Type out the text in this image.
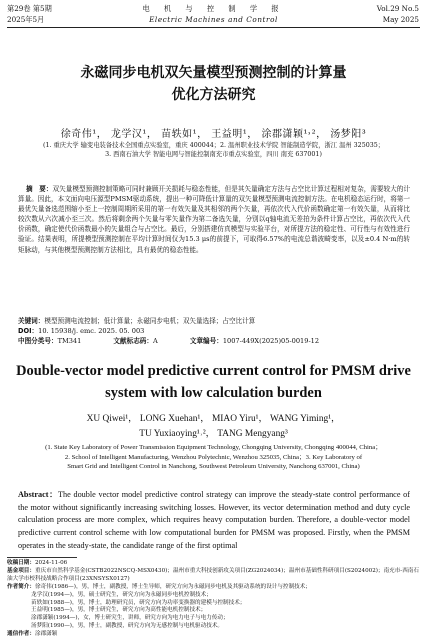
第29卷 第5期
2025年5月
电 机 与 控 制 学 报
Electric Machines and Control
Vol.29 No.5
May 2025
永磁同步电机双矢量模型预测控制的计算量
优化方法研究
徐奇伟¹， 龙学汉¹， 苗轶如¹， 王益明¹， 涂郡潇颖¹˒²， 汤梦阳³
(1. 重庆大学 输变电装备技术全国重点实验室，重庆 400044；2. 温州职业技术学院 智能制造学院，浙江 温州 325035；
3. 西南石油大学 智能电网与智能控制南充市重点实验室，四川 南充 637001)
摘　要：双矢量模型预测控制策略可同时兼顾开关损耗与稳态性能，但是其矢量确定方法与占空比计算过程相对复杂，需要较大的计算量。因此，本文面向电压源型PMSM驱动系统，提出一种可降低计算量的双矢量模型预测电流控制方法。在电机稳态运行时，将第一最优矢量备选范围缩小至上一控制周期所采用的第一有效矢量及其相邻的两个矢量，再依次代入代价函数确定第一有效矢量，从而将比较次数从六次减小至三次。然后将剩余两个矢量与零矢量作为第二备选矢量，分别以q轴电流无差拍为条件计算占空比，再依次代入代价函数，确定使代价函数最小的矢量组合与占空比。最后，分别搭建仿真模型与实验平台，对所提方法的稳定性、可行性与有效性进行验证。结果表明，所提模型预测控制在平均计算时间仅为15.3 μs的前提下，可取得6.57%的电流总谐波畸变率，以及±0.4 N·m的转矩脉动，与其他模型预测控制方法相比，具有最优的稳态性能。
关键词：模型预测电流控制；低计算量；永磁同步电机；双矢量选择；占空比计算
DOI：10. 15938/j. emc. 2025. 05. 003
中图分类号：TM341	文献标志码：A	文章编号：1007-449X(2025)05-0019-12
Double-vector model predictive current control for PMSM drive
system with low calculation burden
XU Qiwei¹， LONG Xuehan¹， MIAO Yiru¹， WANG Yiming¹，
TU Yuxiaoying¹˒²， TANG Mengyang³
(1. State Key Laboratory of Power Transmission Equipment Technology, Chongqing University, Chongqing 400044, China；
2. School of Intelligent Manufacturing, Wenzhou Polytechnic, Wenzhou 325035, China；3. Key Laboratory of
Smart Grid and Intelligent Control in Nanchong, Southwest Petroleum University, Nanchong 637001, China)
Abstract：The double vector model predictive control strategy can improve the steady-state control performance of the motor without significantly increasing switching losses. However, its vector determination method and duty cycle calculation process are more complex, which requires heavy computation burden. Therefore, a double-vector model predictive current control scheme with low computational burden for PMSM was proposed. Firstly, when the PMSM operates in the steady-state, the candidate range of the first optimal
收稿日期：2024-11-06
基金项目：重庆市自然科学基金(CSTB2022NSCQ-MSX0430)；温州市重大科技创新攻关项目(ZG2024034)；温州市基础性科研项目(S2024002)；南充市-西南石油大学市校科技战略合作项目(23XNSYSX0127)
作者简介：徐奇伟(1986—)，男，博士，副教授，博士生导师，研究方向为永磁同步电机及其驱动系统的设计与控制技术；
龙学汉(1994—)，男，硕士研究生，研究方向为永磁同步电机控制技术；
苗轶如(1988—)，男，博士，助理研究员，研究方向为功率变换器的建模与控制技术；
王益明(1985—)，男，博士研究生，研究方向为高性能电机控制技术；
涂郡潇颖(1994—)，女，博士研究生，讲师，研究方向为电力电子与电力传动；
汤梦阳(1990—)，男，博士，副教授，研究方向为无感控制与电机驱动技术。
通信作者：涂郡潇颖
